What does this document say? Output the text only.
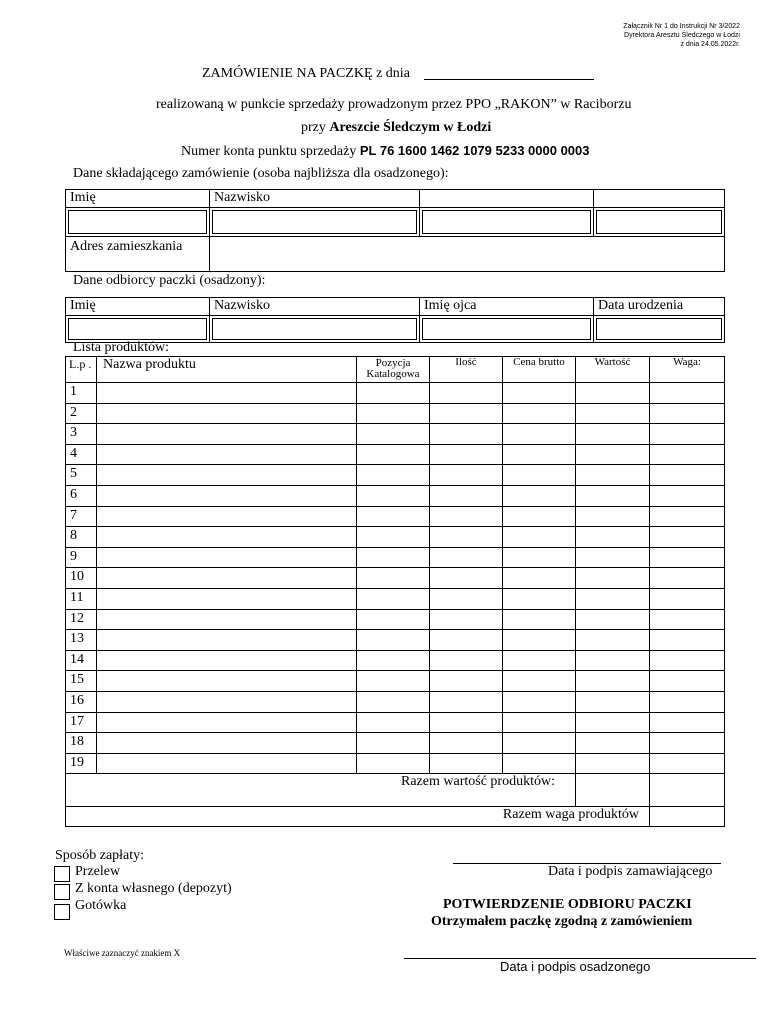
Załącznik Nr 1 do Instrukcji Nr 3/2022
Dyrektora Aresztu Śledczego w Łodzi
z dnia 24.05.2022r.
ZAMÓWIENIE NA PACZKĘ z dnia
realizowaną w punkcie sprzedaży prowadzonym przez PPO „RAKON” w Raciborzu
przy Areszcie Śledczym w Łodzi
Numer konta punktu sprzedaży PL 76 1600 1462 1079 5233 0000 0003
Dane składającego zamówienie (osoba najbliższa dla osadzonego):
Imię	Nazwisko		

Adres zamieszkania			
Dane odbiorcy paczki (osadzony):
Imię	Nazwisko	Imię ojca	Data urodzenia

Lista produktów:
L.p .	Nazwa produktu	Pozycja Katalogowa	Ilość	Cena brutto	Wartość	Waga:
1						
2						
3						
4						
5						
6						
7						
8						
9						
10						
11						
12						
13						
14						
15						
16						
17						
18						
19						
Razem wartość produktów:						
Razem waga produktów						
Sposób zapłaty:
Przelew
Z konta własnego (depozyt)
Gotówka
Właściwe zaznaczyć znakiem X
Data i podpis zamawiającego
POTWIERDZENIE ODBIORU PACZKI
Otrzymałem paczkę zgodną z zamówieniem
Data i podpis osadzonego
